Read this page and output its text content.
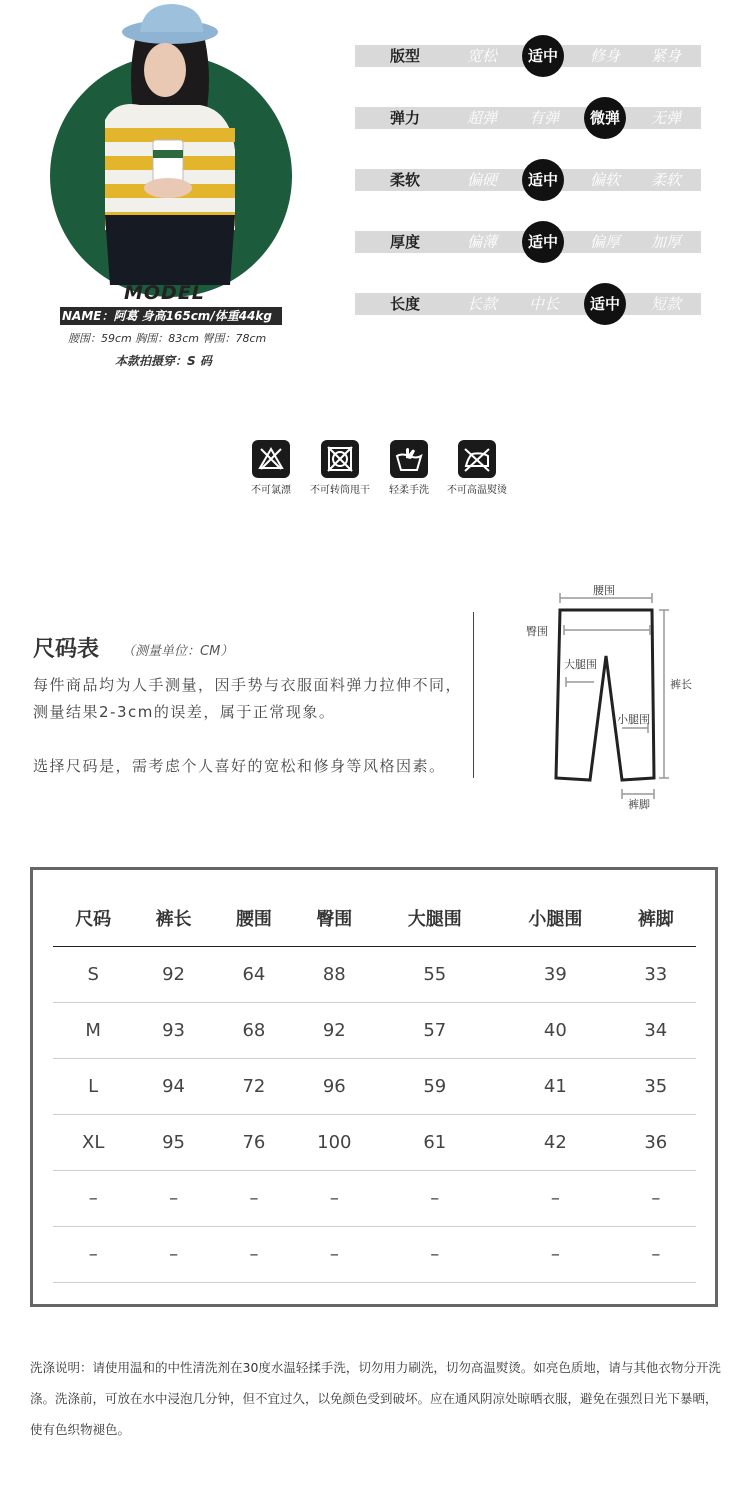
MODEL
NAME：阿葛 身高165cm/体重44kg
腰围：59cm 胸围：83cm 臀围：78cm
本款拍摄穿：S 码
版型	宽松	适中	修身	紧身
弹力	超弹	有弹	微弹	无弹
柔软	偏硬	适中	偏软	柔软
厚度	偏薄	适中	偏厚	加厚
长度	长款	中长	适中	短款
不可氯漂	不可转筒甩干	轻柔手洗	不可高温熨烫
尺码表 （测量单位：CM）
每件商品均为人手测量，因手势与衣服面料弹力拉伸不同，测量结果2-3cm的误差，属于正常现象。
选择尺码是，需考虑个人喜好的宽松和修身等风格因素。
腰围
臀围
大腿围
小腿围
裤长
裤脚
尺码	裤长	腰围	臀围	大腿围	小腿围	裤脚
S	92	64	88	55	39	33
M	93	68	92	57	40	34
L	94	72	96	59	41	35
XL	95	76	100	61	42	36
–	–	–	–	–	–	–
–	–	–	–	–	–	–
洗涤说明：请使用温和的中性清洗剂在30度水温轻揉手洗，切勿用力刷洗，切勿高温熨烫。如亮色质地，请与其他衣物分开洗涤。洗涤前，可放在水中浸泡几分钟，但不宜过久，以免颜色受到破坏。应在通风阴凉处晾晒衣服，避免在强烈日光下暴晒，使有色织物褪色。
